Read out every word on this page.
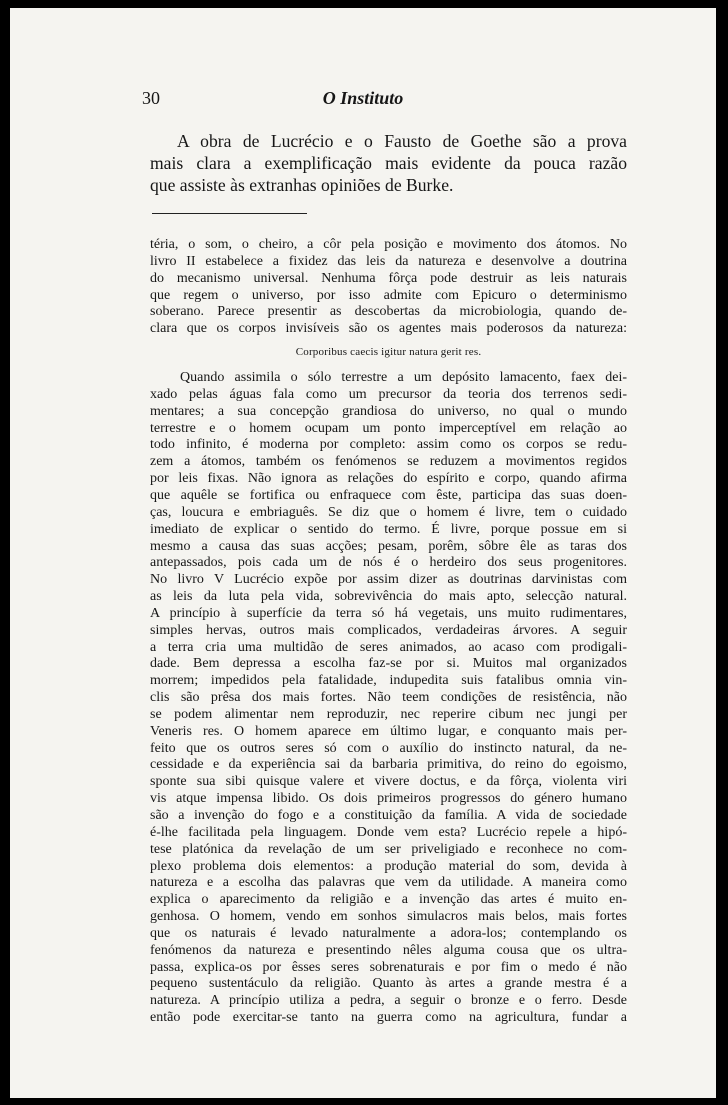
30	O Instituto
A obra de Lucrécio e o Fausto de Goethe são a prova
mais clara a exemplificação mais evidente da pouca razão
que assiste às extranhas opiniões de Burke.
téria, o som, o cheiro, a côr pela posição e movimento dos átomos. No
livro II estabelece a fixidez das leis da natureza e desenvolve a doutrina
do mecanismo universal. Nenhuma fôrça pode destruir as leis naturais
que regem o universo, por isso admite com Epicuro o determinismo
soberano. Parece presentir as descobertas da microbiologia, quando de-
clara que os corpos invisíveis são os agentes mais poderosos da natureza:
Corporibus caecis igitur natura gerit res.
Quando assimila o sólo terrestre a um depósito lamacento, faex dei-
xado pelas águas fala como um precursor da teoria dos terrenos sedi-
mentares; a sua concepção grandiosa do universo, no qual o mundo
terrestre e o homem ocupam um ponto imperceptível em relação ao
todo infinito, é moderna por completo: assim como os corpos se redu-
zem a átomos, também os fenómenos se reduzem a movimentos regidos
por leis fixas. Não ignora as relações do espírito e corpo, quando afirma
que aquêle se fortifica ou enfraquece com êste, participa das suas doen-
ças, loucura e embriaguês. Se diz que o homem é livre, tem o cuidado
imediato de explicar o sentido do termo. É livre, porque possue em si
mesmo a causa das suas acções; pesam, porêm, sôbre êle as taras dos
antepassados, pois cada um de nós é o herdeiro dos seus progenitores.
No livro V Lucrécio expõe por assim dizer as doutrinas darvinistas com
as leis da luta pela vida, sobrevivência do mais apto, selecção natural.
A princípio à superfície da terra só há vegetais, uns muito rudimentares,
simples hervas, outros mais complicados, verdadeiras árvores. A seguir
a terra cria uma multidão de seres animados, ao acaso com prodigali-
dade. Bem depressa a escolha faz-se por si. Muitos mal organizados
morrem; impedidos pela fatalidade, indupedita suis fatalibus omnia vin-
clis são prêsa dos mais fortes. Não teem condições de resistência, não
se podem alimentar nem reproduzir, nec reperire cibum nec jungi per
Veneris res. O homem aparece em último lugar, e conquanto mais per-
feito que os outros seres só com o auxílio do instincto natural, da ne-
cessidade e da experiência sai da barbaria primitiva, do reino do egoismo,
sponte sua sibi quisque valere et vivere doctus, e da fôrça, violenta viri
vis atque impensa libido. Os dois primeiros progressos do género humano
são a invenção do fogo e a constituição da família. A vida de sociedade
é-lhe facilitada pela linguagem. Donde vem esta? Lucrécio repele a hipó-
tese platónica da revelação de um ser priveligiado e reconhece no com-
plexo problema dois elementos: a produção material do som, devida à
natureza e a escolha das palavras que vem da utilidade. A maneira como
explica o aparecimento da religião e a invenção das artes é muito en-
genhosa. O homem, vendo em sonhos simulacros mais belos, mais fortes
que os naturais é levado naturalmente a adora-los; contemplando os
fenómenos da natureza e presentindo nêles alguma cousa que os ultra-
passa, explica-os por êsses seres sobrenaturais e por fim o medo é não
pequeno sustentáculo da religião. Quanto às artes a grande mestra é a
natureza. A princípio utiliza a pedra, a seguir o bronze e o ferro. Desde
então pode exercitar-se tanto na guerra como na agricultura, fundar a
